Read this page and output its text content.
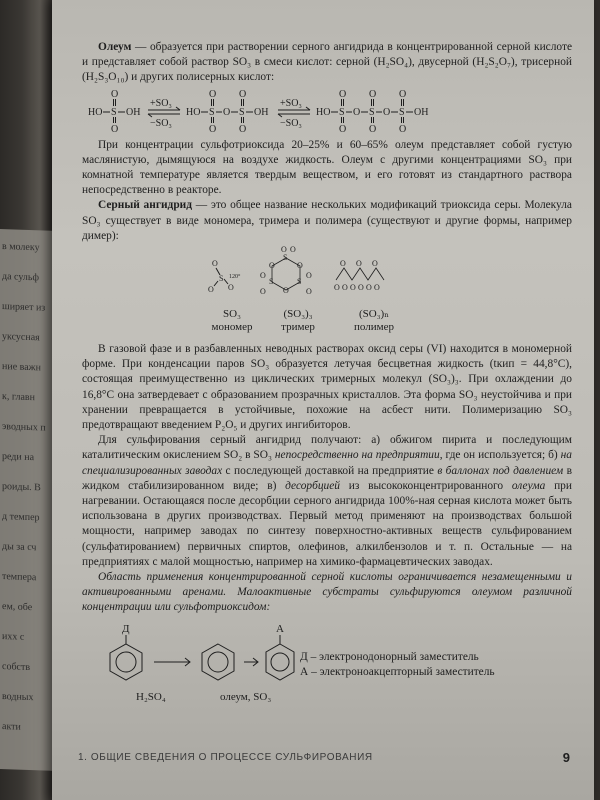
в молеку
да сульф
ширяет из
уксусная
ние важн
к, главн
эводных п
реди на
роиды. В
д темпер
ды за сч
темпера
ем, обе
ихх с
собств
водных
акти

Олеум — образуется при растворении серного ангидрида в концентрированной серной кислоте и представляет собой раствор SO₃ в смеси кислот: серной (H₂SO₄), двусерной (H₂S₂O₇), трисерной (H₂S₃O₁₀) и других полисерных кислот:

HO S OH
O
O
+SO₃
−SO₃
HO S O S OH
O
O
O
O
+SO₃
−SO₃
HO S O S O S OH
O
O
O
O
O
O

При концентрации сульфотриоксида 20–25% и 60–65% олеум представляет собой густую маслянистую, дымящуюся на воздухе жидкость. Олеум с другими концентрациями SO₃ при комнатной температуре является твердым веществом, и его готовят из стандартного раствора непосредственно в реакторе.

Серный ангидрид — это общее название нескольких модификаций триоксида серы. Молекула SO₃ существует в виде мономера, тримера и полимера (существуют и другие формы, например димер):

O
S
O
O
120°
S
O
S
O
S
O
O O
O
O
O
O
O O O
O O O O O O
SO₃
мономер
(SO₃)₃
тример
(SO₃)ₙ
полимер

В газовой фазе и в разбавленных неводных растворах оксид серы (VI) находится в мономерной форме. При конденсации паров SO₃ образуется летучая бесцветная жидкость (tкип = 44,8°C), состоящая преимущественно из циклических тримерных молекул (SO₃)₃. При охлаждении до 16,8°C она затвердевает с образованием прозрачных кристаллов. Эта форма SO₃ неустойчива и при хранении превращается в устойчивые, похожие на асбест нити. Полимеризацию SO₃ предотвращают введением P₂O₅ и других ингибиторов.

Для сульфирования серный ангидрид получают: а) обжигом пирита и последующим каталитическим окислением SO₂ в SO₃ непосредственно на предприятии, где он используется; б) на специализированных заводах с последующей доставкой на предприятие в баллонах под давлением в жидком стабилизированном виде; в) десорбцией из высококонцентрированного олеума при нагревании. Остающаяся после десорбции серного ангидрида 100%-ная серная кислота может быть использована в других производствах. Первый метод применяют на производствах большой мощности, например заводах по синтезу поверхностно-активных веществ сульфированием (сульфатированием) первичных спиртов, олефинов, алкилбензолов и т. п. Остальные — на предприятиях с малой мощностью, например на химико-фармацевтических заводах.

Область применения концентрированной серной кислоты ограничивается незамещенными и активированными аренами. Малоактивные субстраты сульфируются олеумом различной концентрации или сульфотриоксидом:

Д	А
H₂SO₄	олеум, SO₃
Д – электронодонорный заместитель
А – электроноакцепторный заместитель
1. ОБЩИЕ СВЕДЕНИЯ О ПРОЦЕССЕ СУЛЬФИРОВАНИЯ	9
